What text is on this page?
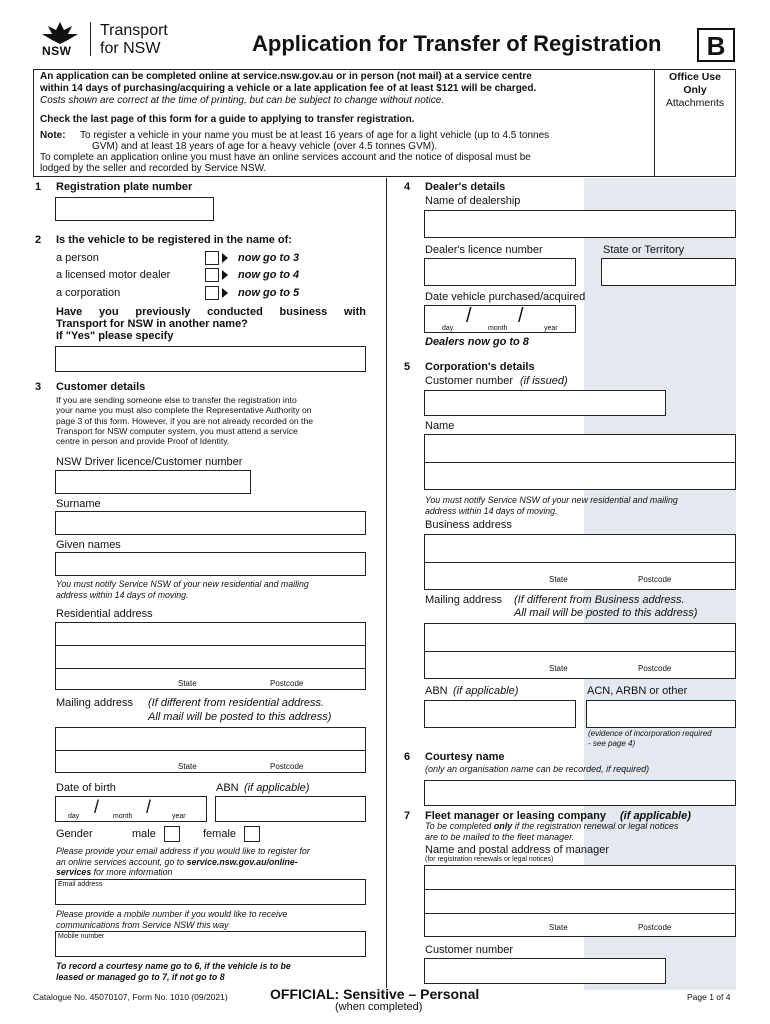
NSW
Transport
for NSW	Application for Transfer of Registration	B
An application can be completed online at service.nsw.gov.au or in person (not mail) at a service centre
within 14 days of purchasing/acquiring a vehicle or a late application fee of at least $121 will be charged.
Costs shown are correct at the time of printing, but can be subject to change without notice.
Check the last page of this form for a guide to applying to transfer registration.
Note: To register a vehicle in your name you must be at least 16 years of age for a light vehicle (up to 4.5 tonnes
GVM) and at least 18 years of age for a heavy vehicle (over 4.5 tonnes GVM).
To complete an application online you must have an online services account and the notice of disposal must be
lodged by the seller and recorded by Service NSW.
Office Use
Only
Attachments
1 Registration plate number
2 Is the vehicle to be registered in the name of:
a person	now go to 3
a licensed motor dealer	now go to 4
a corporation	now go to 5
Have you previously conducted business with
Transport for NSW in another name?
If "Yes" please specify
3 Customer details
If you are sending someone else to transfer the registration into
your name you must also complete the Representative Authority on
page 3 of this form. However, if you are not already recorded on the
Transport for NSW computer system, you must attend a service
centre in person and provide Proof of Identity.
NSW Driver licence/Customer number
Surname
Given names
You must notify Service NSW of your new residential and mailing
address within 14 days of moving.
Residential address
State	Postcode
Mailing address (If different from residential address.
All mail will be posted to this address)
State	Postcode
Date of birth	ABN (if applicable)
/	/
day	month	year
Gender	male	female
Please provide your email address if you would like to register for
an online services account, go to service.nsw.gov.au/online-
services for more information
Email address
Please provide a mobile number if you would like to receive
communications from Service NSW this way
Mobile number
To record a courtesy name go to 6, if the vehicle is to be
leased or managed go to 7, if not go to 8
4 Dealer's details
Name of dealership
Dealer's licence number	State or Territory
Date vehicle purchased/acquired
/ /
day	month	year
Dealers now go to 8
5 Corporation's details
Customer number (if issued)
Name
You must notify Service NSW of your new residential and mailing
address within 14 days of moving.
Business address
State	Postcode
Mailing address (If different from Business address.
All mail will be posted to this address)
State	Postcode
ABN (if applicable)	ACN, ARBN or other
(evidence of incorporation required
- see page 4)
6 Courtesy name
(only an organisation name can be recorded, if required)
7 Fleet manager or leasing company (if applicable)
To be completed only if the registration renewal or legal notices
are to be mailed to the fleet manager.
Name and postal address of manager
(for registration renewals or legal notices)
State	Postcode
Customer number
Catalogue No. 45070107, Form No. 1010 (09/2021)	OFFICIAL: Sensitive – Personal
(when completed)
Page 1 of 4
